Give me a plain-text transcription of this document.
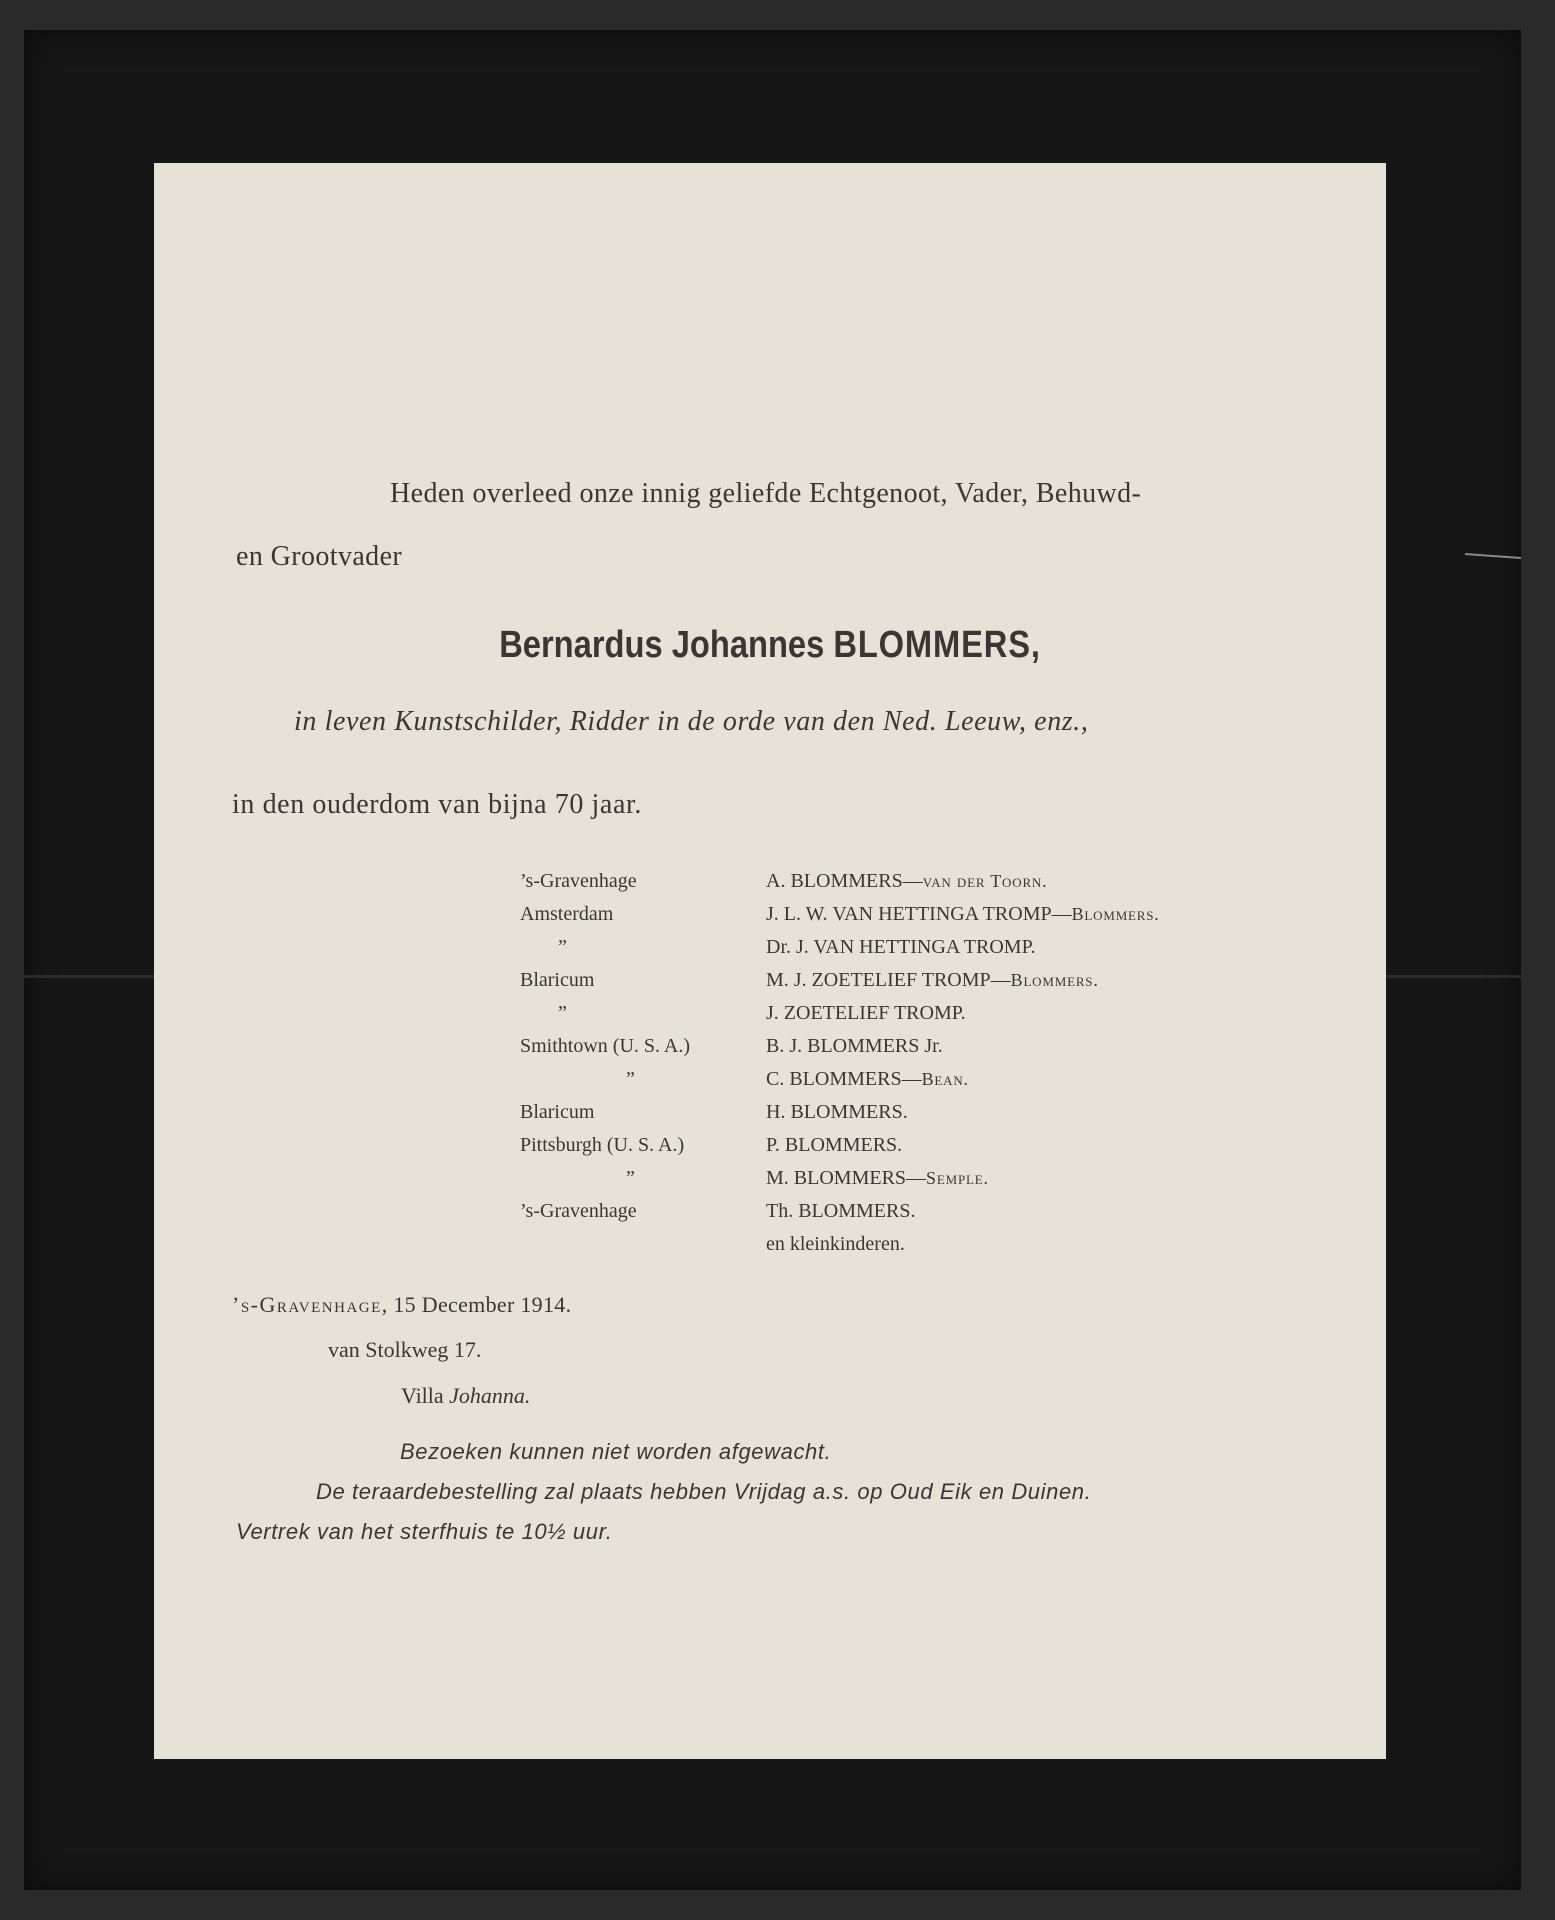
Heden overleed onze innig geliefde Echtgenoot, Vader, Behuwd-
en Grootvader
Bernardus Johannes BLOMMERS,
in leven Kunstschilder, Ridder in de orde van den Ned. Leeuw, enz.,
in den ouderdom van bijna 70 jaar.
’s-Gravenhage
Amsterdam
”
Blaricum
”
Smithtown (U. S. A.)
”
Blaricum
Pittsburgh (U. S. A.)
”
’s-Gravenhage
A. BLOMMERS—van der Toorn.
J. L. W. VAN HETTINGA TROMP—Blommers.
Dr. J. VAN HETTINGA TROMP.
M. J. ZOETELIEF TROMP—Blommers.
J. ZOETELIEF TROMP.
B. J. BLOMMERS Jr.
C. BLOMMERS—Bean.
H. BLOMMERS.
P. BLOMMERS.
M. BLOMMERS—Semple.
Th. BLOMMERS.
en kleinkinderen.
’s-Gravenhage, 15 December 1914.
van Stolkweg 17.
Villa Johanna.
Bezoeken kunnen niet worden afgewacht.
De teraardebestelling zal plaats hebben Vrijdag a.s. op Oud Eik en Duinen.
Vertrek van het sterfhuis te 10½ uur.
